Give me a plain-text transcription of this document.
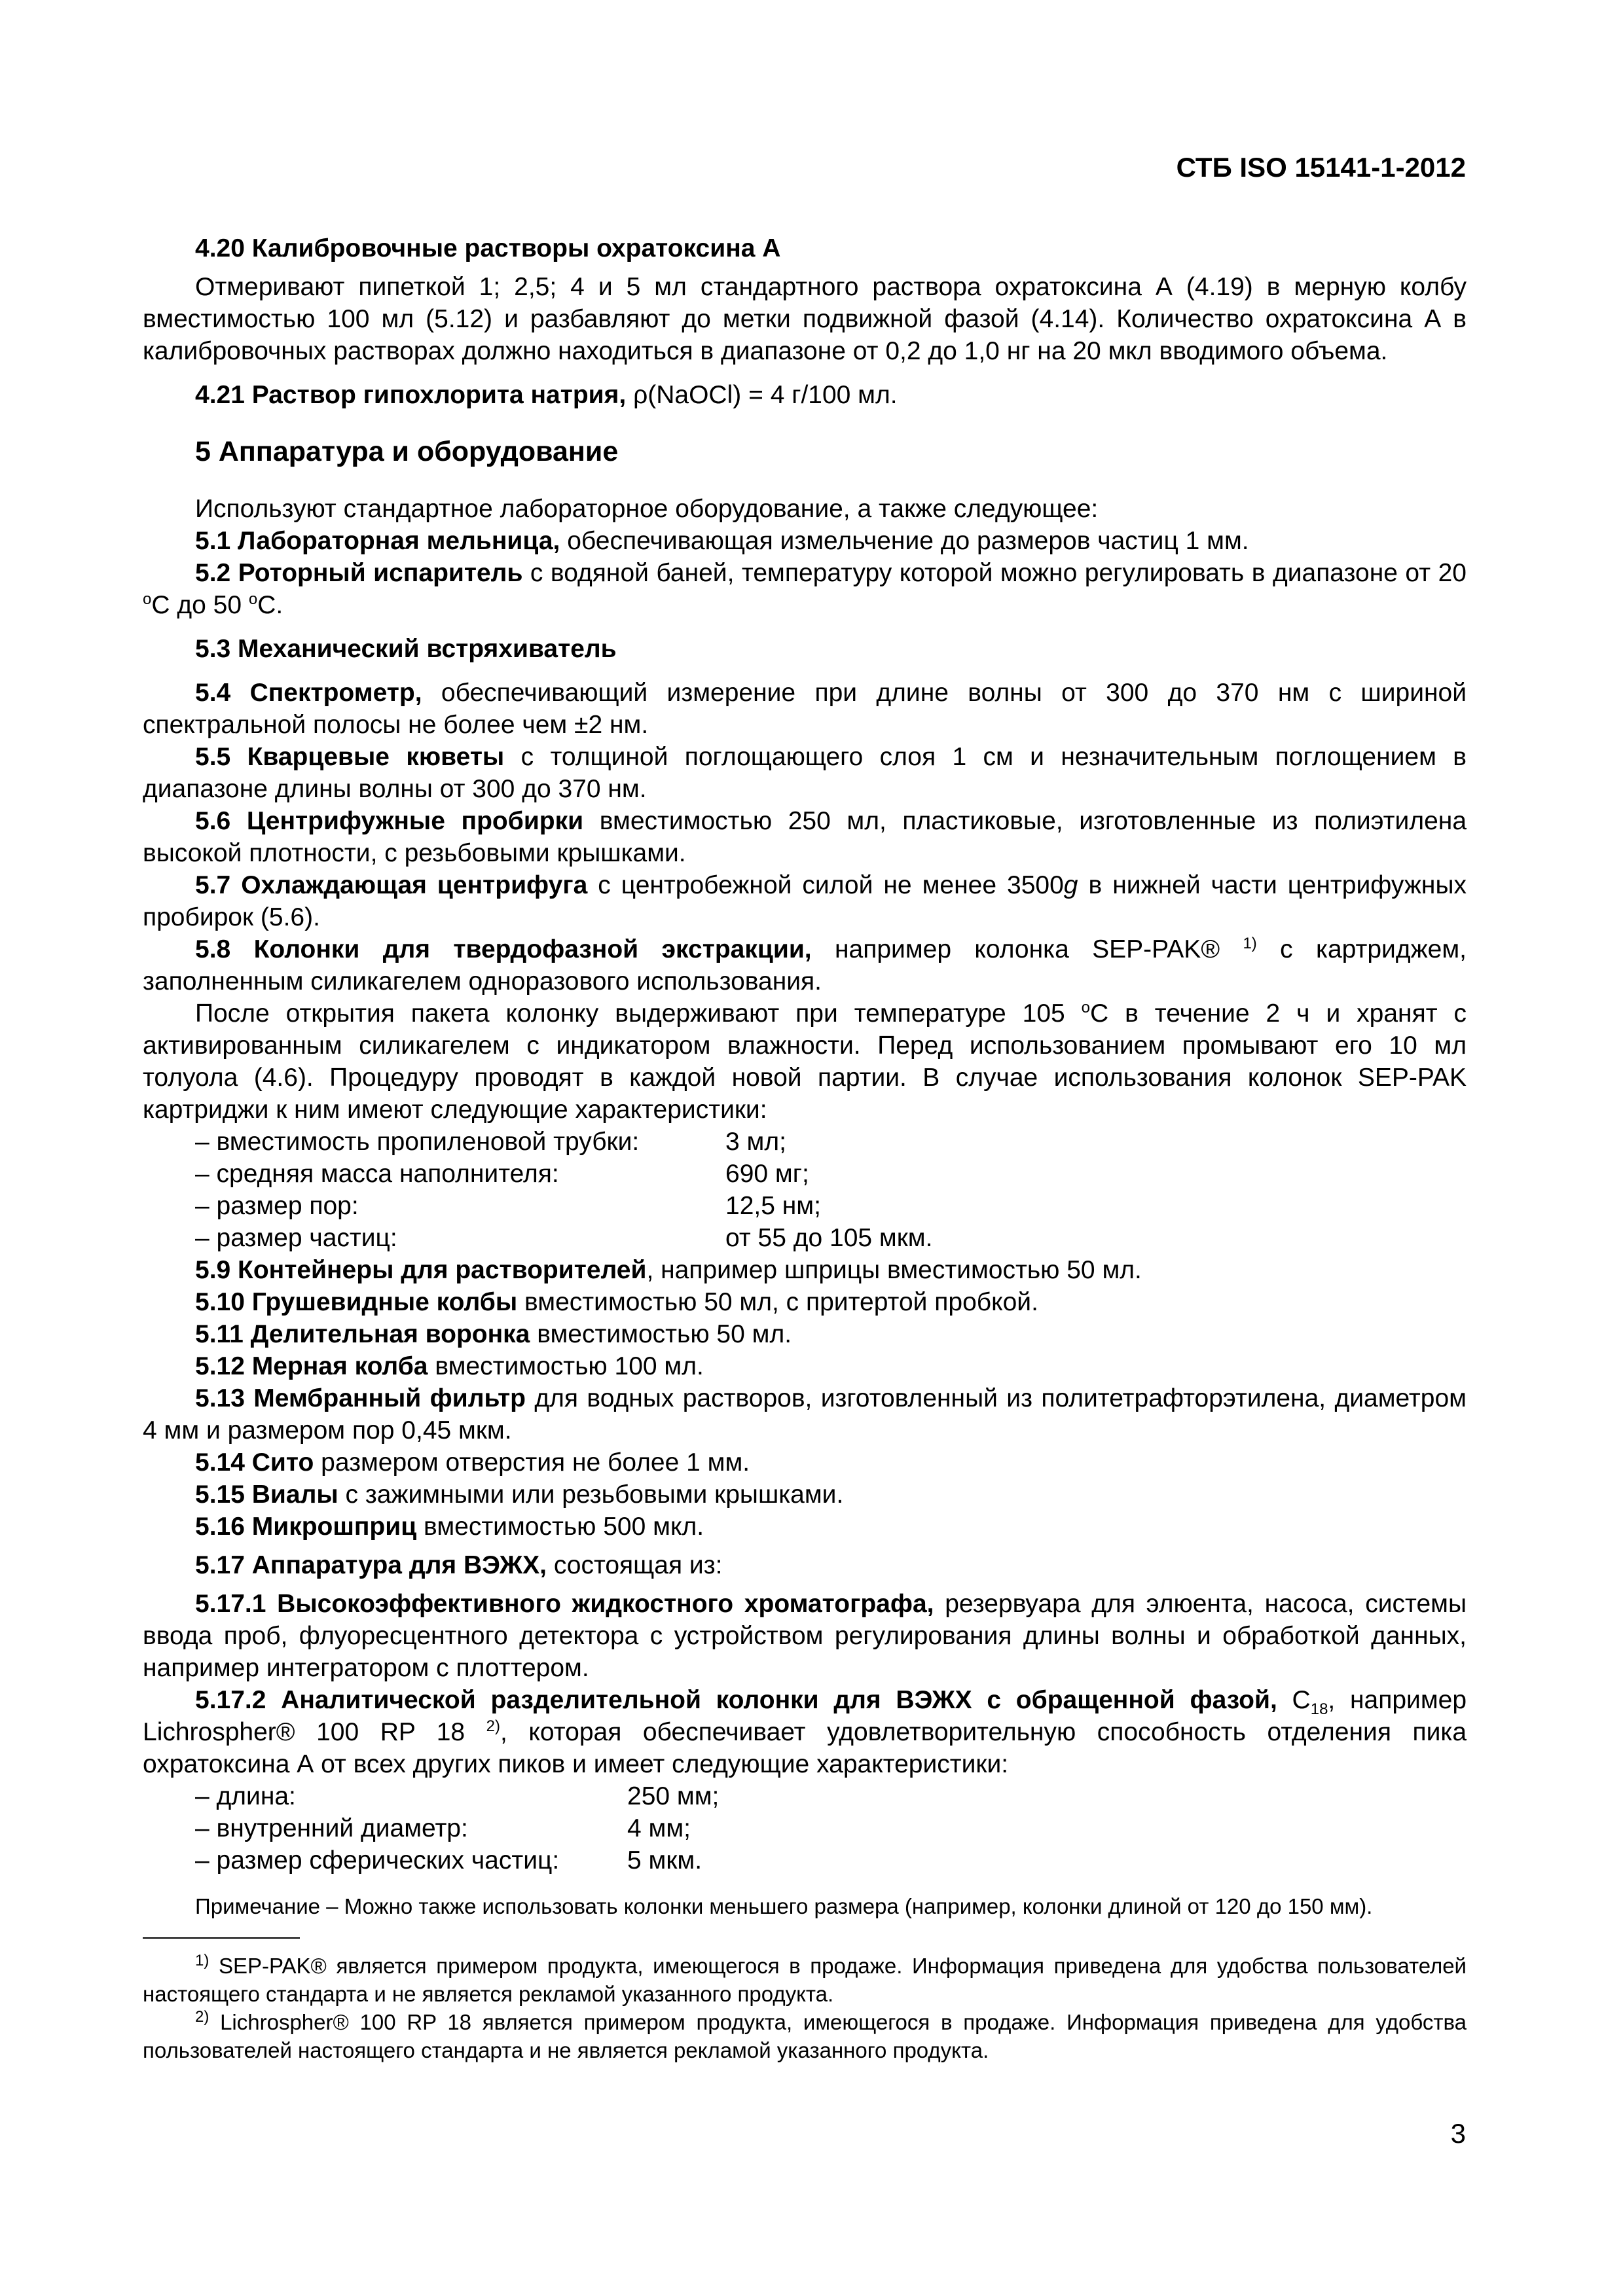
СТБ ISO 15141-1-2012

4.20 Калибровочные растворы охратоксина А

Отмеривают пипеткой 1; 2,5; 4 и 5 мл стандартного раствора охратоксина А (4.19) в мерную колбу вместимостью 100 мл (5.12) и разбавляют до метки подвижной фазой (4.14). Количество охратоксина А в калибровочных растворах должно находиться в диапазоне от 0,2 до 1,0 нг на 20 мкл вводимого объема.

4.21 Раствор гипохлорита натрия, ρ(NaOCl) = 4 г/100 мл.

5 Аппаратура и оборудование

Используют стандартное лабораторное оборудование, а также следующее:

5.1 Лабораторная мельница, обеспечивающая измельчение до размеров частиц 1 мм.

5.2 Роторный испаритель с водяной баней, температуру которой можно регулировать в диапазоне от 20 $^о$С до 50 $^о$С.

5.3 Механический встряхиватель

5.4 Спектрометр, обеспечивающий измерение при длине волны от 300 до 370 нм с шириной спектральной полосы не более чем ±2 нм.

5.5 Кварцевые кюветы с толщиной поглощающего слоя 1 см и незначительным поглощением в диапазоне длины волны от 300 до 370 нм.

5.6 Центрифужные пробирки вместимостью 250 мл, пластиковые, изготовленные из полиэтилена высокой плотности, с резьбовыми крышками.

5.7 Охлаждающая центрифуга с центробежной силой не менее 3500g в нижней части центрифужных пробирок (5.6).

5.8 Колонки для твердофазной экстракции, например колонка SEP-PAK® $^{1)}$ с картриджем, заполненным силикагелем одноразового использования.

После открытия пакета колонку выдерживают при температуре 105 $^о$С в течение 2 ч и хранят с активированным силикагелем с индикатором влажности. Перед использованием промывают его 10 мл толуола (4.6). Процедуру проводят в каждой новой партии. В случае использования колонок SEP-PAK картриджи к ним имеют следующие характеристики:

– вместимость пропиленовой трубки:	3 мл;
– средняя масса наполнителя:	690 мг;
– размер пор:	12,5 нм;
– размер частиц:	от 55 до 105 мкм.

5.9 Контейнеры для растворителей, например шприцы вместимостью 50 мл.

5.10 Грушевидные колбы вместимостью 50 мл, с притертой пробкой.

5.11 Делительная воронка вместимостью 50 мл.

5.12 Мерная колба вместимостью 100 мл.

5.13 Мембранный фильтр для водных растворов, изготовленный из политетрафторэтилена, диаметром 4 мм и размером пор 0,45 мкм.

5.14 Сито размером отверстия не более 1 мм.

5.15 Виалы с зажимными или резьбовыми крышками.

5.16 Микрошприц вместимостью 500 мкл.

5.17 Аппаратура для ВЭЖХ, состоящая из:

5.17.1 Высокоэффективного жидкостного хроматографа, резервуара для элюента, насоса, системы ввода проб, флуоресцентного детектора с устройством регулирования длины волны и обработкой данных, например интегратором с плоттером.

5.17.2 Аналитической разделительной колонки для ВЭЖХ с обращенной фазой, $С_{18}$, например Lichrospher® 100 RP 18 $^{2)}$, которая обеспечивает удовлетворительную способность отделения пика охратоксина А от всех других пиков и имеет следующие характеристики:

– длина:	250 мм;
– внутренний диаметр:	4 мм;
– размер сферических частиц:	5 мкм.

Примечание – Можно также использовать колонки меньшего размера (например, колонки длиной от 120 до 150 мм).

$^{1)}$ SEP-PAK® является примером продукта, имеющегося в продаже. Информация приведена для удобства пользователей настоящего стандарта и не является рекламой указанного продукта.

$^{2)}$ Lichrospher® 100 RP 18 является примером продукта, имеющегося в продаже. Информация приведена для удобства пользователей настоящего стандарта и не является рекламой указанного продукта.

3
